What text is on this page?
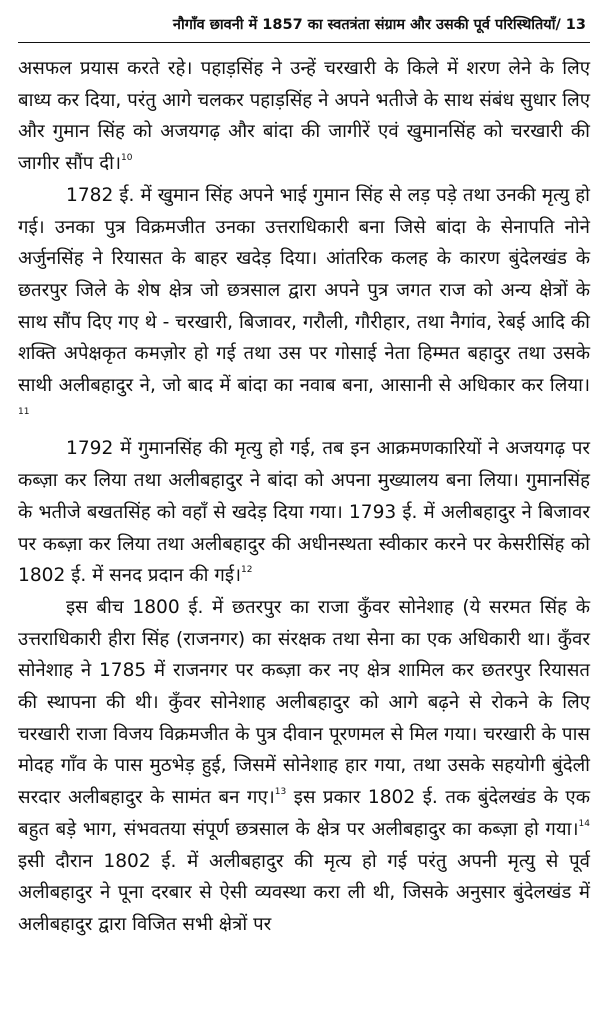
नौगाँव छावनी में 1857 का स्वतत्रंता संग्राम और उसकी पूर्व परिस्थितियाँ/ 13

असफल प्रयास करते रहे। पहाड़सिंह ने उन्हें चरखारी के किले में शरण लेने के लिए बाध्य कर दिया, परंतु आगे चलकर पहाड़सिंह ने अपने भतीजे के साथ संबंध सुधार लिए और गुमान सिंह को अजयगढ़ और बांदा की जागीरें एवं खुमानसिंह को चरखारी की जागीर सौंप दी।$^{10}$

1782 ई. में खुमान सिंह अपने भाई गुमान सिंह से लड़ पड़े तथा उनकी मृत्यु हो गई। उनका पुत्र विक्रमजीत उनका उत्तराधिकारी बना जिसे बांदा के सेनापति नोने अर्जुनसिंह ने रियासत के बाहर खदेड़ दिया। आंतरिक कलह के कारण बुंदेलखंड के छतरपुर जिले के शेष क्षेत्र जो छत्रसाल द्वारा अपने पुत्र जगत राज को अन्य क्षेत्रों के साथ सौंप दिए गए थे - चरखारी, बिजावर, गरौली, गौरीहार, तथा नैगांव, रेबई आदि की शक्ति अपेक्षकृत कमज़ोर हो गई तथा उस पर गोसाई नेता हिम्मत बहादुर तथा उसके साथी अलीबहादुर ने, जो बाद में बांदा का नवाब बना, आसानी से अधिकार कर लिया।$^{11}$

1792 में गुमानसिंह की मृत्यु हो गई, तब इन आक्रमणकारियों ने अजयगढ़ पर कब्ज़ा कर लिया तथा अलीबहादुर ने बांदा को अपना मुख्यालय बना लिया। गुमानसिंह के भतीजे बखतसिंह को वहाँ से खदेड़ दिया गया। 1793 ई. में अलीबहादुर ने बिजावर पर कब्ज़ा कर लिया तथा अलीबहादुर की अधीनस्थता स्वीकार करने पर केसरीसिंह को 1802 ई. में सनद प्रदान की गई।$^{12}$

इस बीच 1800 ई. में छतरपुर का राजा कुँवर सोनेशाह (ये सरमत सिंह के उत्तराधिकारी हीरा सिंह (राजनगर) का संरक्षक तथा सेना का एक अधिकारी था। कुँवर सोनेशाह ने 1785 में राजनगर पर कब्ज़ा कर नए क्षेत्र शामिल कर छतरपुर रियासत की स्थापना की थी। कुँवर सोनेशाह अलीबहादुर को आगे बढ़ने से रोकने के लिए चरखारी राजा विजय विक्रमजीत के पुत्र दीवान पूरणमल से मिल गया। चरखारी के पास मोदह गाँव के पास मुठभेड़ हुई, जिसमें सोनेशाह हार गया, तथा उसके सहयोगी बुंदेली सरदार अलीबहादुर के सामंत बन गए।$^{13}$ इस प्रकार 1802 ई. तक बुंदेलखंड के एक बहुत बड़े भाग, संभवतया संपूर्ण छत्रसाल के क्षेत्र पर अलीबहादुर का कब्ज़ा हो गया।$^{14}$ इसी दौरान 1802 ई. में अलीबहादुर की मृत्य हो गई परंतु अपनी मृत्यु से पूर्व अलीबहादुर ने पूना दरबार से ऐसी व्यवस्था करा ली थी, जिसके अनुसार बुंदेलखंड में अलीबहादुर द्वारा विजित सभी क्षेत्रों पर
